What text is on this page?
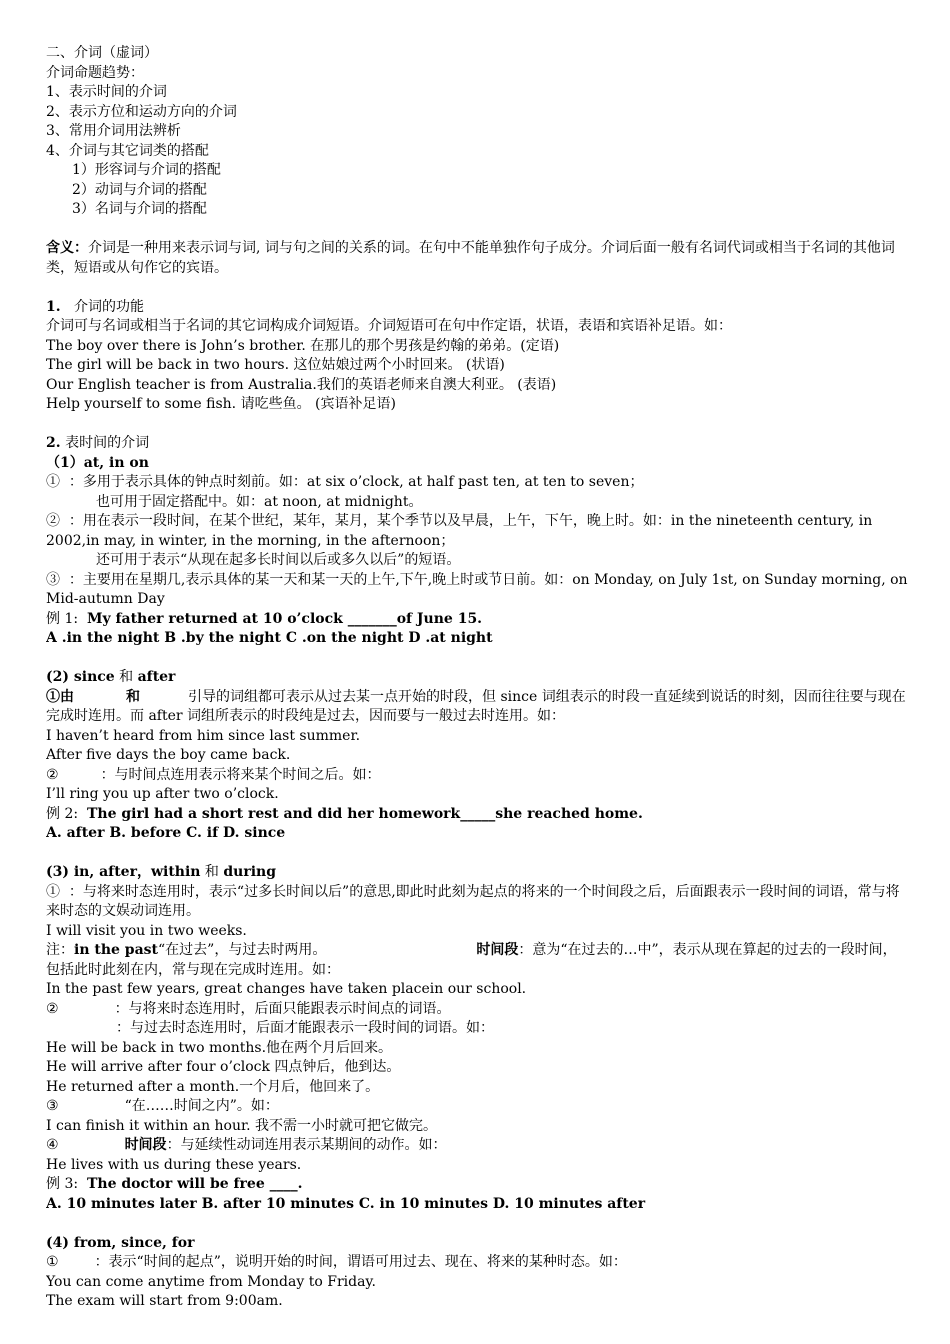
二、介词（虚词）
介词命题趋势：
1、表示时间的介词
2、表示方位和运动方向的介词
3、常用介词用法辨析
4、介词与其它词类的搭配
1）形容词与介词的搭配
2）动词与介词的搭配
3）名词与介词的搭配
含义：介词是一种用来表示词与词, 词与句之间的关系的词。在句中不能单独作句子成分。介词后面一般有名词代词或相当于名词的其他词类，短语或从句作它的宾语。
1. 介词的功能
介词可与名词或相当于名词的其它词构成介词短语。介词短语可在句中作定语，状语，表语和宾语补足语。如：
The boy over there is John’s brother. 在那儿的那个男孩是约翰的弟弟。(定语)
The girl will be back in two hours. 这位姑娘过两个小时回来。 (状语)
Our English teacher is from Australia.我们的英语老师来自澳大利亚。 (表语)
Help yourself to some fish. 请吃些鱼。 (宾语补足语)
2. 表时间的介词
（1）at, in on
① ：多用于表示具体的钟点时刻前。如：at six o’clock, at half past ten, at ten to seven；
也可用于固定搭配中。如：at noon, at midnight。
② ：用在表示一段时间，在某个世纪，某年，某月，某个季节以及早晨，上午，下午，晚上时。如：in the nineteenth century, in 2002,in may, in winter, in the morning, in the afternoon；
还可用于表示“从现在起多长时间以后或多久以后”的短语。
③ ：主要用在星期几,表示具体的某一天和某一天的上午,下午,晚上时或节日前。如：on Monday, on July 1st, on Sunday morning, on Mid-autumn Day
例 1: My father returned at 10 o’clock _______of June 15.
A .in the night B .by the night C .on the night D .at night
(2) since 和 after
①由	和	引导的词组都可表示从过去某一点开始的时段，但 since 词组表示的时段一直延续到说话的时刻，因而往往要与现在完成时连用。而 after 词组所表示的时段纯是过去，因而要与一般过去时连用。如：
I haven’t heard from him since last summer.
After five days the boy came back.
②	：与时间点连用表示将来某个时间之后。如：
I’ll ring you up after two o’clock.
例 2: The girl had a short rest and did her homework_____she reached home.
A. after B. before C. if D. since
(3) in, after，within 和 during
① ：与将来时态连用时，表示“过多长时间以后”的意思,即此时此刻为起点的将来的一个时间段之后，后面跟表示一段时间的词语，常与将来时态的文娱动词连用。
I will visit you in two weeks.
注：in the past“在过去”，与过去时两用。	时间段：意为“在过去的…中”，表示从现在算起的过去的一段时间，包括此时此刻在内，常与现在完成时连用。如：
In the past few years, great changes have taken placein our school.
②	：与将来时态连用时，后面只能跟表示时间点的词语。
：与过去时态连用时，后面才能跟表示一段时间的词语。如：
He will be back in two months.他在两个月后回来。
He will arrive after four o’clock 四点钟后，他到达。
He returned after a month.一个月后，他回来了。
③	“在……时间之内”。如：
I can finish it within an hour. 我不需一小时就可把它做完。
④	时间段：与延续性动词连用表示某期间的动作。如：
He lives with us during these years.
例 3: The doctor will be free ____.
A. 10 minutes later B. after 10 minutes C. in 10 minutes D. 10 minutes after
(4) from, since, for
①	：表示“时间的起点”，说明开始的时间，谓语可用过去、现在、将来的某种时态。如：
You can come anytime from Monday to Friday.
The exam will start from 9:00am.
